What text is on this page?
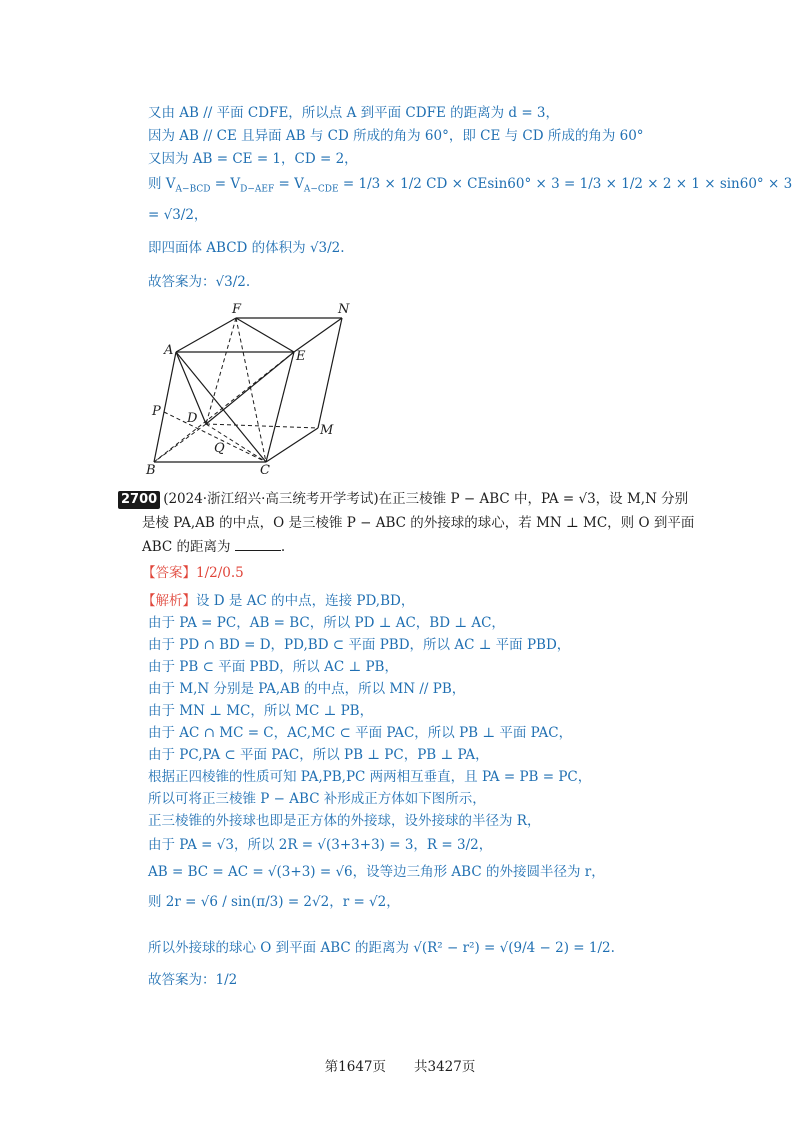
又由 AB // 平面 CDFE，所以点 A 到平面 CDFE 的距离为 d = 3，
因为 AB // CE 且异面 AB 与 CD 所成的角为 60°，即 CE 与 CD 所成的角为 60°
又因为 AB = CE = 1，CD = 2，
则 $V_{A-BCD} = V_{D-AEF} = V_{A-CDE} = 1/3 \times 1/2$ CD × CEsin60° × 3 = 1/3 × 1/2 × 2 × 1 × sin60° × 3
= √3/2，
即四面体 ABCD 的体积为 √3/2.
故答案为：√3/2.
A
F	N
E
P D
M
Q
B	C
2700 (2024·浙江绍兴·高三统考开学考试)在正三棱锥 P − ABC 中，PA = √3，设 M,N 分别
是棱 PA,AB 的中点，O 是三棱锥 P − ABC 的外接球的球心，若 MN ⊥ MC，则 O 到平面
ABC 的距离为	.
【答案】1/2/0.5
【解析】设 D 是 AC 的中点，连接 PD,BD，
由于 PA = PC，AB = BC，所以 PD ⊥ AC，BD ⊥ AC，
由于 PD ∩ BD = D，PD,BD ⊂ 平面 PBD，所以 AC ⊥ 平面 PBD，
由于 PB ⊂ 平面 PBD，所以 AC ⊥ PB，
由于 M,N 分别是 PA,AB 的中点，所以 MN // PB，
由于 MN ⊥ MC，所以 MC ⊥ PB，
由于 AC ∩ MC = C，AC,MC ⊂ 平面 PAC，所以 PB ⊥ 平面 PAC，
由于 PC,PA ⊂ 平面 PAC，所以 PB ⊥ PC，PB ⊥ PA，
根据正四棱锥的性质可知 PA,PB,PC 两两相互垂直，且 PA = PB = PC，
所以可将正三棱锥 P − ABC 补形成正方体如下图所示，
正三棱锥的外接球也即是正方体的外接球，设外接球的半径为 R，
由于 PA = √3，所以 2R = √(3+3+3) = 3，R = 3/2，
AB = BC = AC = √(3+3) = √6，设等边三角形 ABC 的外接圆半径为 r，
则 2r = √6 / sin(π/3) = 2√2，r = √2，
所以外接球的球心 O 到平面 ABC 的距离为 √(R² − r²) = √(9/4 − 2) = 1/2.
故答案为：1/2
第1647页 共3427页
